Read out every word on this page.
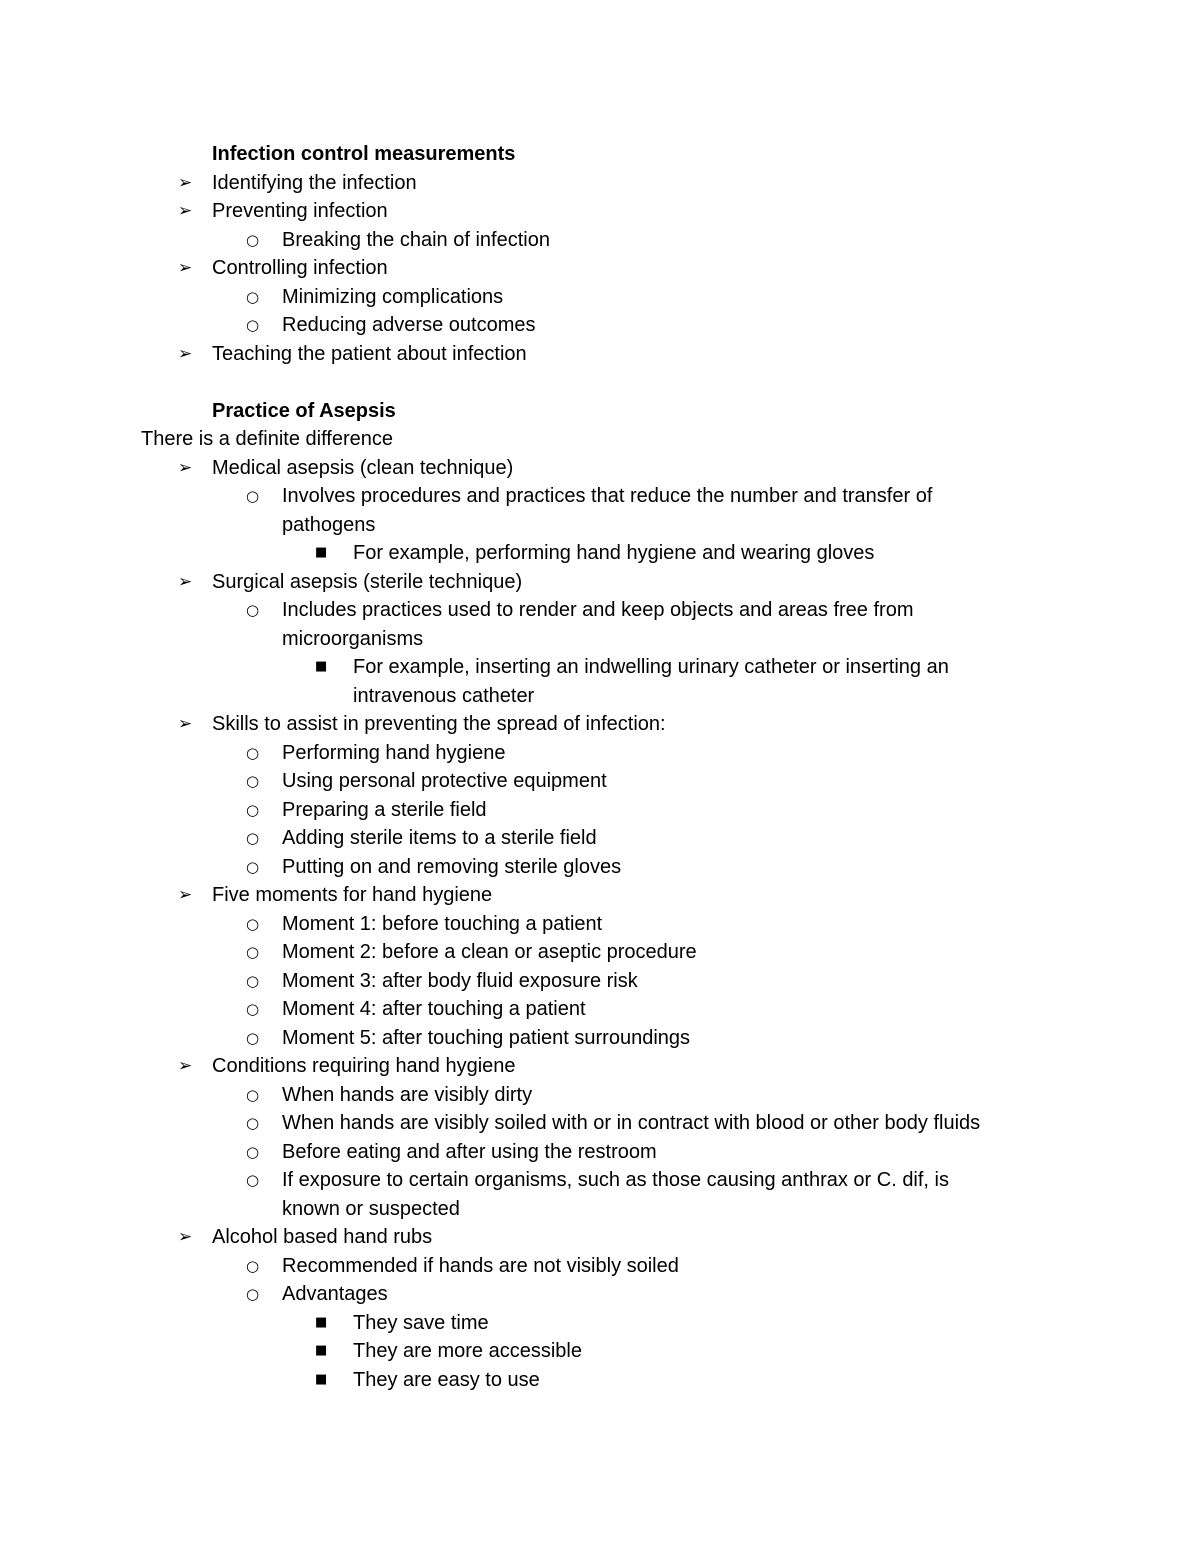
Infection control measurements
Identifying the infection
➢
Preventing infection
➢
Breaking the chain of infection
○
Controlling infection
➢
Minimizing complications
○
Reducing adverse outcomes
○
Teaching the patient about infection
➢
Practice of Asepsis
There is a definite difference
Medical asepsis (clean technique)
➢
Involves procedures and practices that reduce the number and transfer of
○
pathogens
For example, performing hand hygiene and wearing gloves
■
Surgical asepsis (sterile technique)
➢
Includes practices used to render and keep objects and areas free from
○
microorganisms
For example, inserting an indwelling urinary catheter or inserting an
■
intravenous catheter
Skills to assist in preventing the spread of infection:
➢
Performing hand hygiene
○
Using personal protective equipment
○
Preparing a sterile field
○
Adding sterile items to a sterile field
○
Putting on and removing sterile gloves
○
Five moments for hand hygiene
➢
Moment 1: before touching a patient
○
Moment 2: before a clean or aseptic procedure
○
Moment 3: after body fluid exposure risk
○
Moment 4: after touching a patient
○
Moment 5: after touching patient surroundings
○
Conditions requiring hand hygiene
➢
When hands are visibly dirty
○
When hands are visibly soiled with or in contract with blood or other body fluids
○
Before eating and after using the restroom
○
If exposure to certain organisms, such as those causing anthrax or C. dif, is
○
known or suspected
Alcohol based hand rubs
➢
Recommended if hands are not visibly soiled
○
Advantages
○
They save time
■
They are more accessible
■
They are easy to use
■
